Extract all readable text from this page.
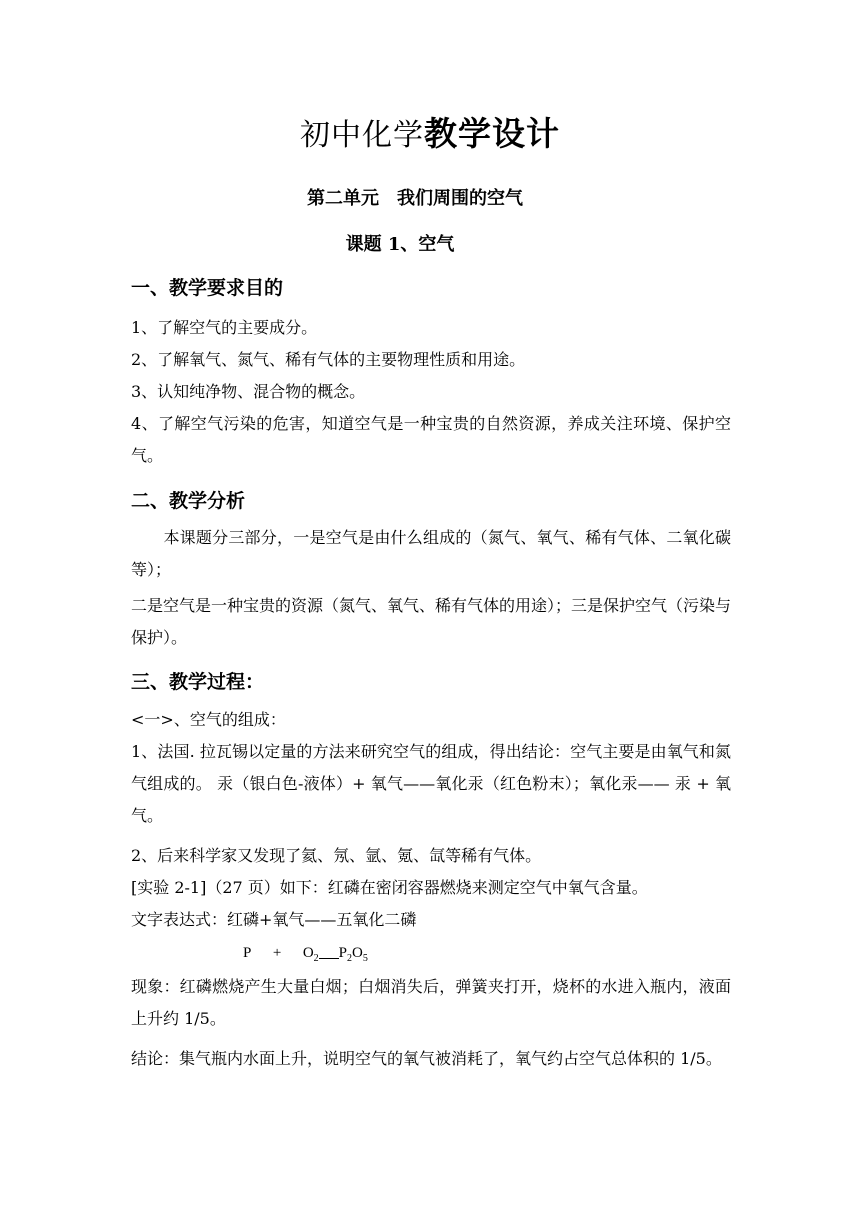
初中化学教学设计
第二单元　我们周围的空气
课题 1、空气
一、教学要求目的
1、了解空气的主要成分。
2、了解氧气、氮气、稀有气体的主要物理性质和用途。
3、认知纯净物、混合物的概念。
4、了解空气污染的危害，知道空气是一种宝贵的自然资源，养成关注环境、保护空气。
二、教学分析
　　本课题分三部分，一是空气是由什么组成的（氮气、氧气、稀有气体、二氧化碳等）；
二是空气是一种宝贵的资源（氮气、氧气、稀有气体的用途）；三是保护空气（污染与保护）。
三、教学过程：
<一>、空气的组成：
1、法国. 拉瓦锡以定量的方法来研究空气的组成，得出结论：空气主要是由氧气和氮气组成的。 汞（银白色-液体）+ 氧气——氧化汞（红色粉末）；氧化汞—— 汞 + 氧气。
2、后来科学家又发现了氦、氖、氩、氪、氙等稀有气体。
[实验 2-1]（27 页）如下：红磷在密闭容器燃烧来测定空气中氧气含量。
文字表达式：红磷+氧气——五氧化二磷
$P + O_2$ $P_2O_5$
现象：红磷燃烧产生大量白烟；白烟消失后，弹簧夹打开，烧杯的水进入瓶内，液面上升约 1/5。
结论：集气瓶内水面上升，说明空气的氧气被消耗了，氧气约占空气总体积的 1/5。
